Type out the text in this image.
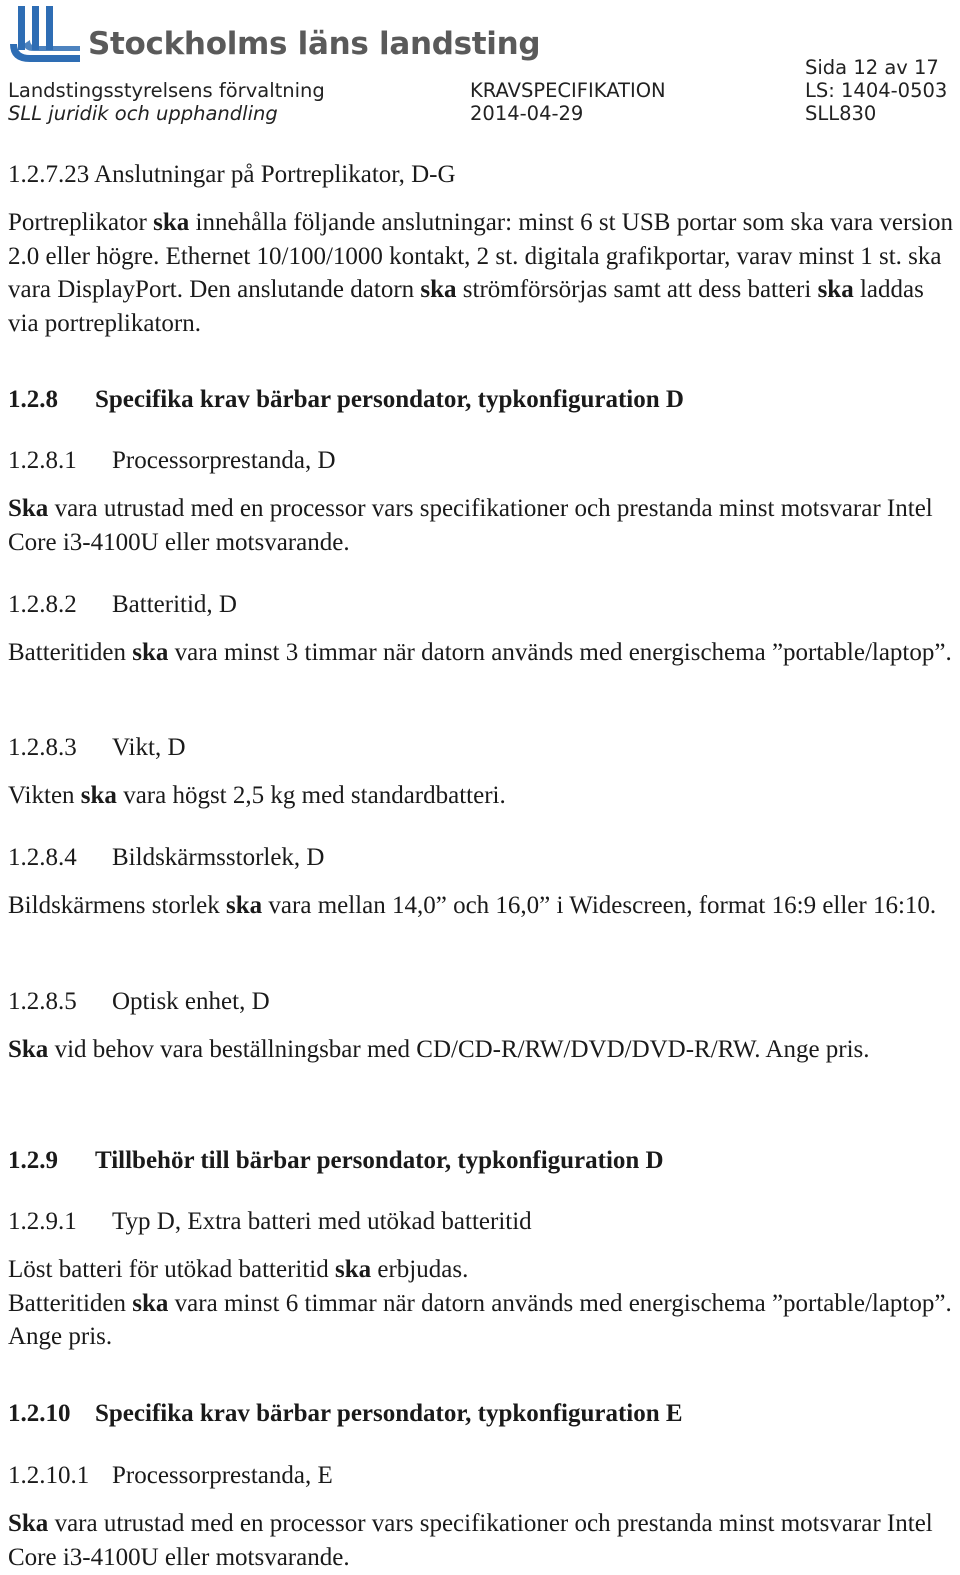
Stockholms läns landsting
Landstingsstyrelsens förvaltning
SLL juridik och upphandling
KRAVSPECIFIKATION
2014-04-29
Sida 12 av 17
LS: 1404-0503
SLL830

1.2.7.23 Anslutningar på Portreplikator, D-G

Portreplikator ska innehålla följande anslutningar: minst 6 st USB portar som ska vara version 2.0 eller högre. Ethernet 10/100/1000 kontakt, 2 st. digitala grafikportar, varav minst 1 st. ska vara DisplayPort. Den anslutande datorn ska strömförsörjas samt att dess batteri ska laddas via portreplikatorn.

1.2.8 Specifika krav bärbar persondator, typkonfiguration D

1.2.8.1 Processorprestanda, D

Ska vara utrustad med en processor vars specifikationer och prestanda minst motsvarar Intel Core i3-4100U eller motsvarande.

1.2.8.2 Batteritid, D

Batteritiden ska vara minst 3 timmar när datorn används med energischema ”portable/laptop”.

1.2.8.3 Vikt, D

Vikten ska vara högst 2,5 kg med standardbatteri.

1.2.8.4 Bildskärmsstorlek, D

Bildskärmens storlek ska vara mellan 14,0” och 16,0” i Widescreen, format 16:9 eller 16:10.

1.2.8.5 Optisk enhet, D

Ska vid behov vara beställningsbar med CD/CD-R/RW/DVD/DVD-R/RW. Ange pris.

1.2.9 Tillbehör till bärbar persondator, typkonfiguration D

1.2.9.1 Typ D, Extra batteri med utökad batteritid

Löst batteri för utökad batteritid ska erbjudas.

Batteritiden ska vara minst 6 timmar när datorn används med energischema ”portable/laptop”. Ange pris.

1.2.10 Specifika krav bärbar persondator, typkonfiguration E

1.2.10.1 Processorprestanda, E

Ska vara utrustad med en processor vars specifikationer och prestanda minst motsvarar Intel Core i3-4100U eller motsvarande.
